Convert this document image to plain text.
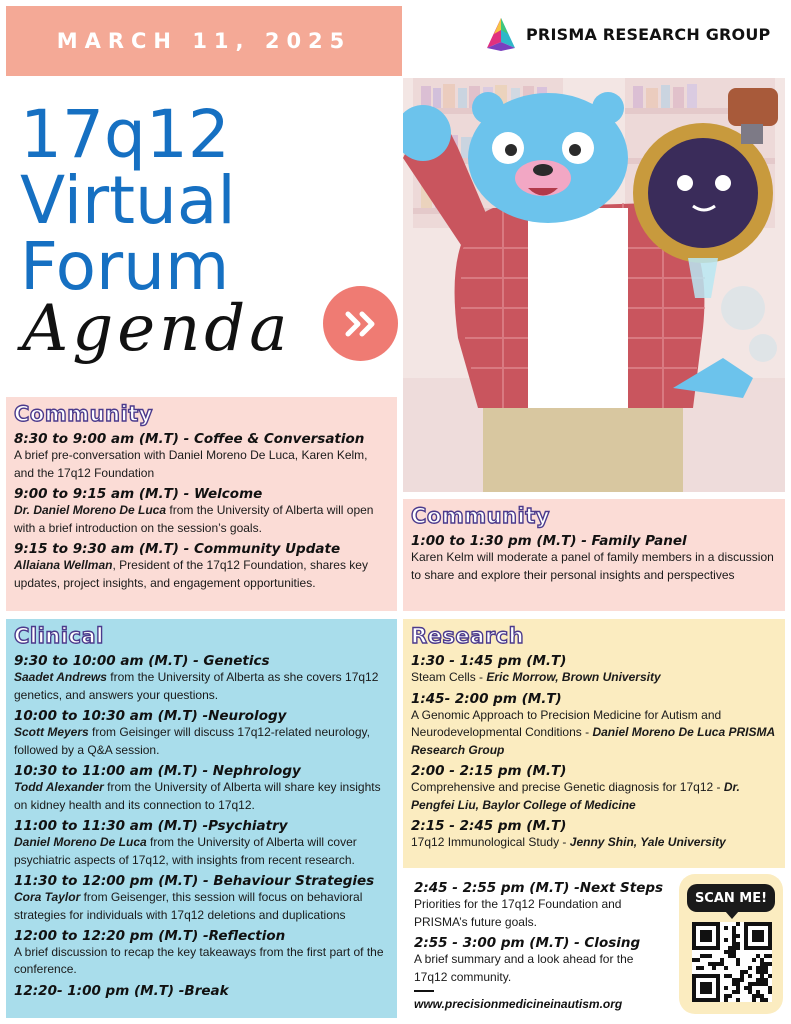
MARCH 11, 2025	PRISMA RESEARCH GROUP
17q12
Virtual
Forum
Agenda
Community
8:30 to 9:00 am (M.T) - Coffee & Conversation
A brief pre-conversation with Daniel Moreno De Luca, Karen Kelm, and the 17q12 Foundation
9:00 to 9:15 am (M.T) - Welcome
Dr. Daniel Moreno De Luca from the University of Alberta will open with a brief introduction on the session’s goals.
9:15 to 9:30 am (M.T) - Community Update
Allaiana Wellman, President of the 17q12 Foundation, shares key updates, project insights, and engagement opportunities.
Clinical
9:30 to 10:00 am (M.T) - Genetics
Saadet Andrews from the University of Alberta as she covers 17q12 genetics, and answers your questions.
10:00 to 10:30 am (M.T) -Neurology
Scott Meyers from Geisinger will discuss 17q12-related neurology, followed by a Q&A session.
10:30 to 11:00 am (M.T) - Nephrology
Todd Alexander from the University of Alberta will share key insights on kidney health and its connection to 17q12.
11:00 to 11:30 am (M.T) -Psychiatry
Daniel Moreno De Luca from the University of Alberta will cover psychiatric aspects of 17q12, with insights from recent research.
11:30 to 12:00 pm (M.T) - Behaviour Strategies
Cora Taylor from Geisenger, this session will focus on behavioral strategies for individuals with 17q12 deletions and duplications
12:00 to 12:20 pm (M.T) -Reflection
A brief discussion to recap the key takeaways from the first part of the conference.
12:20- 1:00 pm (M.T) -Break
Community
1:00 to 1:30 pm (M.T) - Family Panel
Karen Kelm will moderate a panel of family members in a discussion to share and explore their personal insights and perspectives
Research
1:30 - 1:45 pm (M.T)
Steam Cells - Eric Morrow, Brown University
1:45- 2:00 pm (M.T)
A Genomic Approach to Precision Medicine for Autism and Neurodevelopmental Conditions - Daniel Moreno De Luca PRISMA Research Group
2:00 - 2:15 pm (M.T)
Comprehensive and precise Genetic diagnosis for 17q12 - Dr. Pengfei Liu, Baylor College of Medicine
2:15 - 2:45 pm (M.T)
17q12 Immunological Study - Jenny Shin, Yale University
2:45 - 2:55 pm (M.T) -Next Steps
Priorities for the 17q12 Foundation and PRISMA’s future goals.
2:55 - 3:00 pm (M.T) - Closing
A brief summary and a look ahead for the 17q12 community.
www.precisionmedicineinautism.org
SCAN ME!
